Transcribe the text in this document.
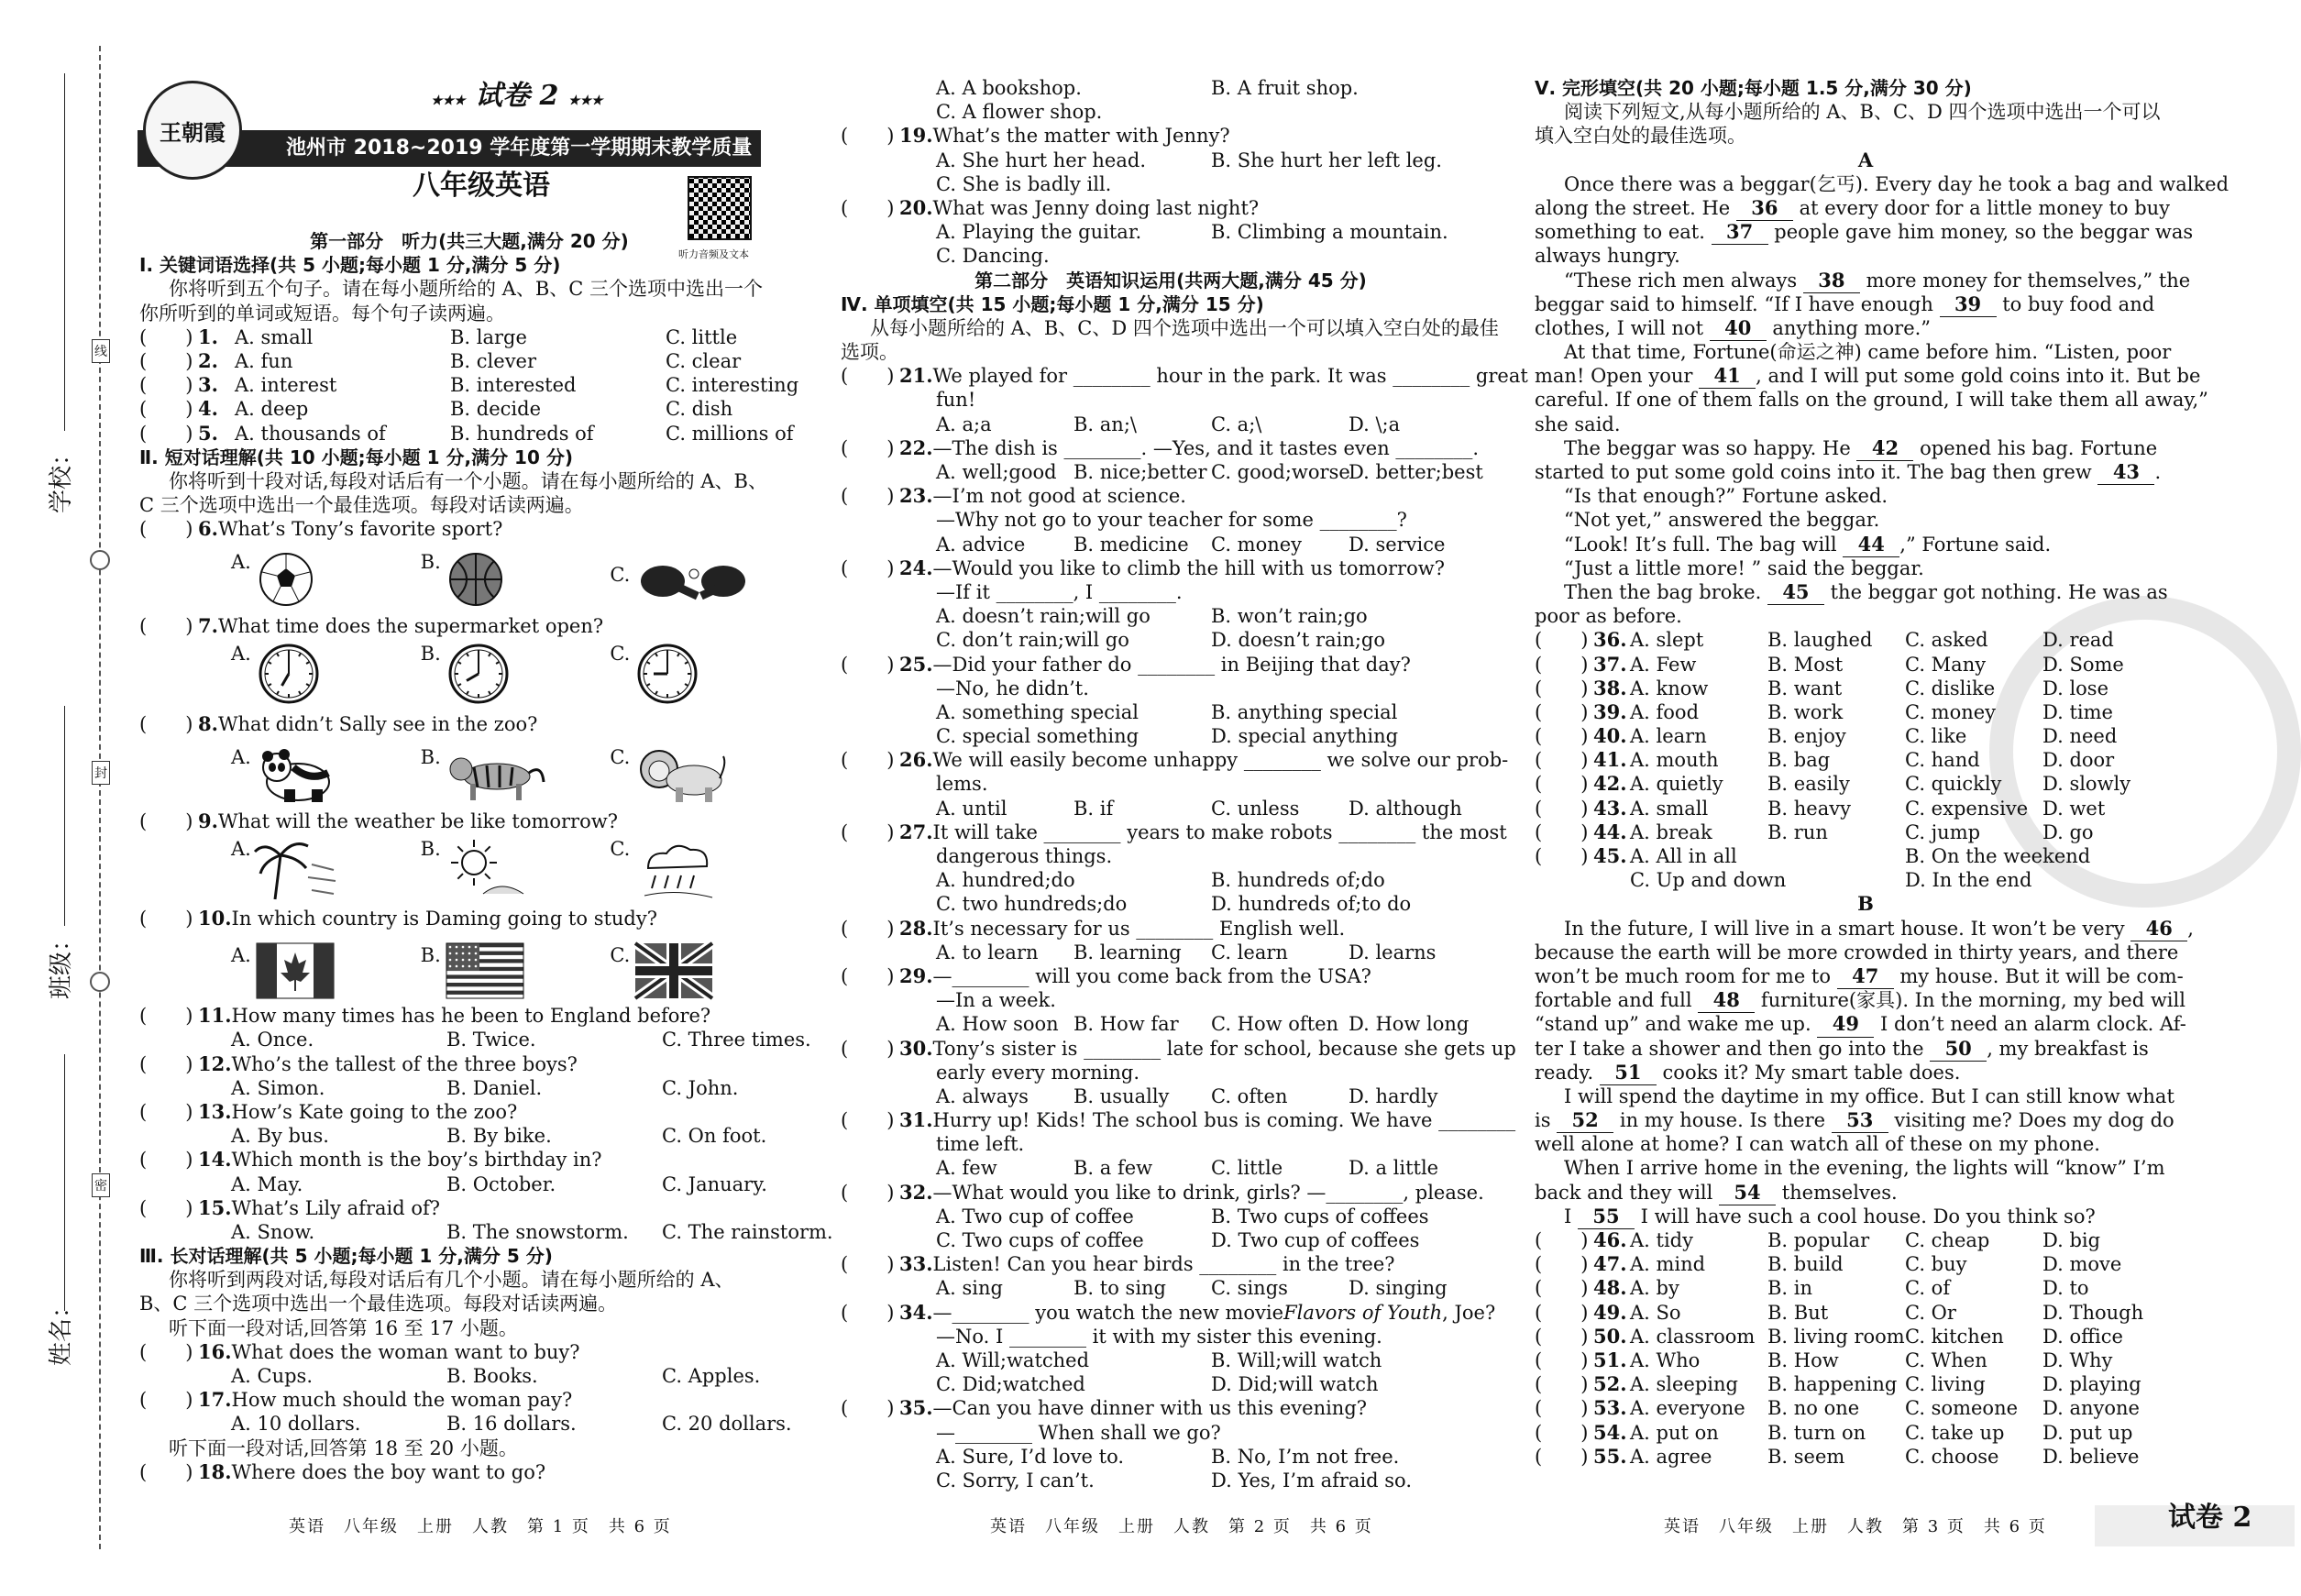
学校：
班级：
姓名：
线
封
密
★★★ 试卷 2 ★★★
池州市 2018~2019 学年度第一学期期末教学质量检测试卷
王朝霞
八年级英语
听力音频及文本
第一部分　听力(共三大题,满分 20 分)
Ⅰ. 关键词语选择(共 5 小题;每小题 1 分,满分 5 分)
你将听到五个句子。请在每小题所给的 A、B、C 三个选项中选出一个
你所听到的单词或短语。每个句子读两遍。
(　　) 1. A. small	B. large	C. little
(　　) 2. A. fun	B. clever	C. clear
(　　) 3. A. interest	B. interested	C. interesting
(　　) 4. A. deep	B. decide	C. dish
(　　) 5. A. thousands of	B. hundreds of	C. millions of
Ⅱ. 短对话理解(共 10 小题;每小题 1 分,满分 10 分)
你将听到十段对话,每段对话后有一个小题。请在每小题所给的 A、B、
C 三个选项中选出一个最佳选项。每段对话读两遍。
(　　) 6. What’s Tony’s favorite sport?
A.	B.
C.
(　　) 7. What time does the supermarket open?
A.	B.	C.
(　　) 8. What didn’t Sally see in the zoo?
A.	B.	C.
(　　) 9. What will the weather be like tomorrow?
A.	B.	C.
(　　) 10. In which country is Daming going to study?
A.	B.	C.
(　　) 11. How many times has he been to England before?
A. Once.	B. Twice.	C. Three times.
(　　) 12. Who’s the tallest of the three boys?
A. Simon.	B. Daniel.	C. John.
(　　) 13. How’s Kate going to the zoo?
A. By bus.	B. By bike.	C. On foot.
(　　) 14. Which month is the boy’s birthday in?
A. May.	B. October.	C. January.
(　　) 15. What’s Lily afraid of?
A. Snow.	B. The snowstorm.	C. The rainstorm.
Ⅲ. 长对话理解(共 5 小题;每小题 1 分,满分 5 分)
你将听到两段对话,每段对话后有几个小题。请在每小题所给的 A、
B、C 三个选项中选出一个最佳选项。每段对话读两遍。
听下面一段对话,回答第 16 至 17 小题。
(　　) 16. What does the woman want to buy?
A. Cups.	B. Books.	C. Apples.
(　　) 17. How much should the woman pay?
A. 10 dollars.	B. 16 dollars.	C. 20 dollars.
听下面一段对话,回答第 18 至 20 小题。
(　　) 18. Where does the boy want to go?
A. A bookshop.	B. A fruit shop.
C. A flower shop.
(　　) 19. What’s the matter with Jenny?
A. She hurt her head.	B. She hurt her left leg.
C. She is badly ill.
(　　) 20. What was Jenny doing last night?
A. Playing the guitar.	B. Climbing a mountain.
C. Dancing.
第二部分　英语知识运用(共两大题,满分 45 分)
Ⅳ. 单项填空(共 15 小题;每小题 1 分,满分 15 分)
从每小题所给的 A、B、C、D 四个选项中选出一个可以填入空白处的最佳
选项。
(　　) 21. We played for ________ hour in the park. It was ________ great
fun!
A. a;a	B. an;\	C. a;\	D. \;a
(　　) 22. —The dish is ________. —Yes, and it tastes even ________.
A. well;good B. nice;better C. good;worse
D. better;best
(　　) 23. —I’m not good at science.
—Why not go to your teacher for some ________?
A. advice	B. medicine	C. money	D. service
(　　) 24. —Would you like to climb the hill with us tomorrow?
—If it ________, I ________.
A. doesn’t rain;will go	B. won’t rain;go
C. don’t rain;will go	D. doesn’t rain;go
(　　) 25. —Did your father do ________ in Beijing that day?
—No, he didn’t.
A. something special	B. anything special
C. special something	D. special anything
(　　) 26. We will easily become unhappy ________ we solve our prob-
lems.
A. until	B. if	C. unless	D. although
(　　) 27. It will take ________ years to make robots ________ the most
dangerous things.
A. hundred;do	B. hundreds of;do
C. two hundreds;do	D. hundreds of;to do
(　　) 28. It’s necessary for us ________ English well.
A. to learn	B. learning	C. learn	D. learns
(　　) 29. —________ will you come back from the USA?
—In a week.
A. How soon B. How far	C. How often D. How long
(　　) 30. Tony’s sister is ________ late for school, because she gets up
early every morning.
A. always	B. usually	C. often	D. hardly
(　　) 31. Hurry up! Kids! The school bus is coming. We have ________
time left.
A. few	B. a few	C. little	D. a little
(　　) 32. —What would you like to drink, girls? —________, please.
A. Two cup of coffee	B. Two cups of coffees
C. Two cups of coffee	D. Two cup of coffees
(　　) 33. Listen! Can you hear birds ________ in the tree?
A. sing	B. to sing	C. sings	D. singing
(　　) 34. —________ you watch the new movie Flavors of Youth , Joe?
—No. I ________ it with my sister this evening.
A. Will;watched	B. Will;will watch
C. Did;watched	D. Did;will watch
(　　) 35. —Can you have dinner with us this evening?
—________ When shall we go?
A. Sure, I’d love to.	B. No, I’m not free.
C. Sorry, I can’t.	D. Yes, I’m afraid so.
Ⅴ. 完形填空(共 20 小题;每小题 1.5 分,满分 30 分)
阅读下列短文,从每小题所给的 A、B、C、D 四个选项中选出一个可以
填入空白处的最佳选项。
A
Once there was a beggar(乞丐). Every day he took a bag and walked
along the street. He 36 at every door for a little money to buy
something to eat. 37 people gave him money, so the beggar was
always hungry.
“These rich men always 38 more money for themselves,” the
beggar said to himself. “If I have enough 39 to buy food and
clothes, I will not 40 anything more.”
At that time, Fortune(命运之神) came before him. “Listen, poor
man! Open your 41 , and I will put some gold coins into it. But be
careful. If one of them falls on the ground, I will take them all away,”
she said.
The beggar was so happy. He 42 opened his bag. Fortune
started to put some gold coins into it. The bag then grew 43 .
“Is that enough?” Fortune asked.
“Not yet,” answered the beggar.
“Look! It’s full. The bag will 44 ,” Fortune said.
“Just a little more! ” said the beggar.
Then the bag broke. 45 the beggar got nothing. He was as
poor as before.
(　　) 36. A. slept	B. laughed	C. asked	D. read
(　　) 37. A. Few	B. Most	C. Many	D. Some
(　　) 38. A. know	B. want	C. dislike	D. lose
(　　) 39. A. food	B. work	C. money	D. time
(　　) 40. A. learn	B. enjoy	C. like	D. need
(　　) 41. A. mouth	B. bag	C. hand	D. door
(　　) 42. A. quietly	B. easily	C. quickly	D. slowly
(　　) 43. A. small	B. heavy	C. expensive D. wet
(　　) 44. A. break	B. run	C. jump	D. go
(　　) 45. A. All in all	B. On the weekend
C. Up and down	D. In the end
B
In the future, I will live in a smart house. It won’t be very 46 ,
because the earth will be more crowded in thirty years, and there
won’t be much room for me to 47 my house. But it will be com-
fortable and full 48 furniture(家具). In the morning, my bed will
“stand up” and wake me up. 49 I don’t need an alarm clock. Af-
ter I take a shower and then go into the 50 , my breakfast is
ready. 51 cooks it? My smart table does.
I will spend the daytime in my office. But I can still know what
is 52 in my house. Is there 53 visiting me? Does my dog do
well alone at home? I can watch all of these on my phone.
When I arrive home in the evening, the lights will “know” I’m
back and they will 54 themselves.
I 55 I will have such a cool house. Do you think so?
(　　) 46. A. tidy	B. popular	C. cheap	D. big
(　　) 47. A. mind	B. build	C. buy	D. move
(　　) 48. A. by	B. in	C. of	D. to
(　　) 49. A. So	B. But	C. Or	D. Though
(　　) 50. A. classroom B. living room C. kitchen	D. office
(　　) 51. A. Who	B. How	C. When	D. Why
(　　) 52. A. sleeping	B. happening C. living	D. playing
(　　) 53. A. everyone	B. no one	C. someone	D. anyone
(　　) 54. A. put on	B. turn on	C. take up	D. put up
(　　) 55. A. agree	B. seem	C. choose	D. believe
英语　八年级　上册　人教　第 1 页　共 6 页	英语　八年级　上册　人教　第 2 页　共 6 页	英语　八年级　上册　人教　第 3 页　共 6 页	试卷 2
